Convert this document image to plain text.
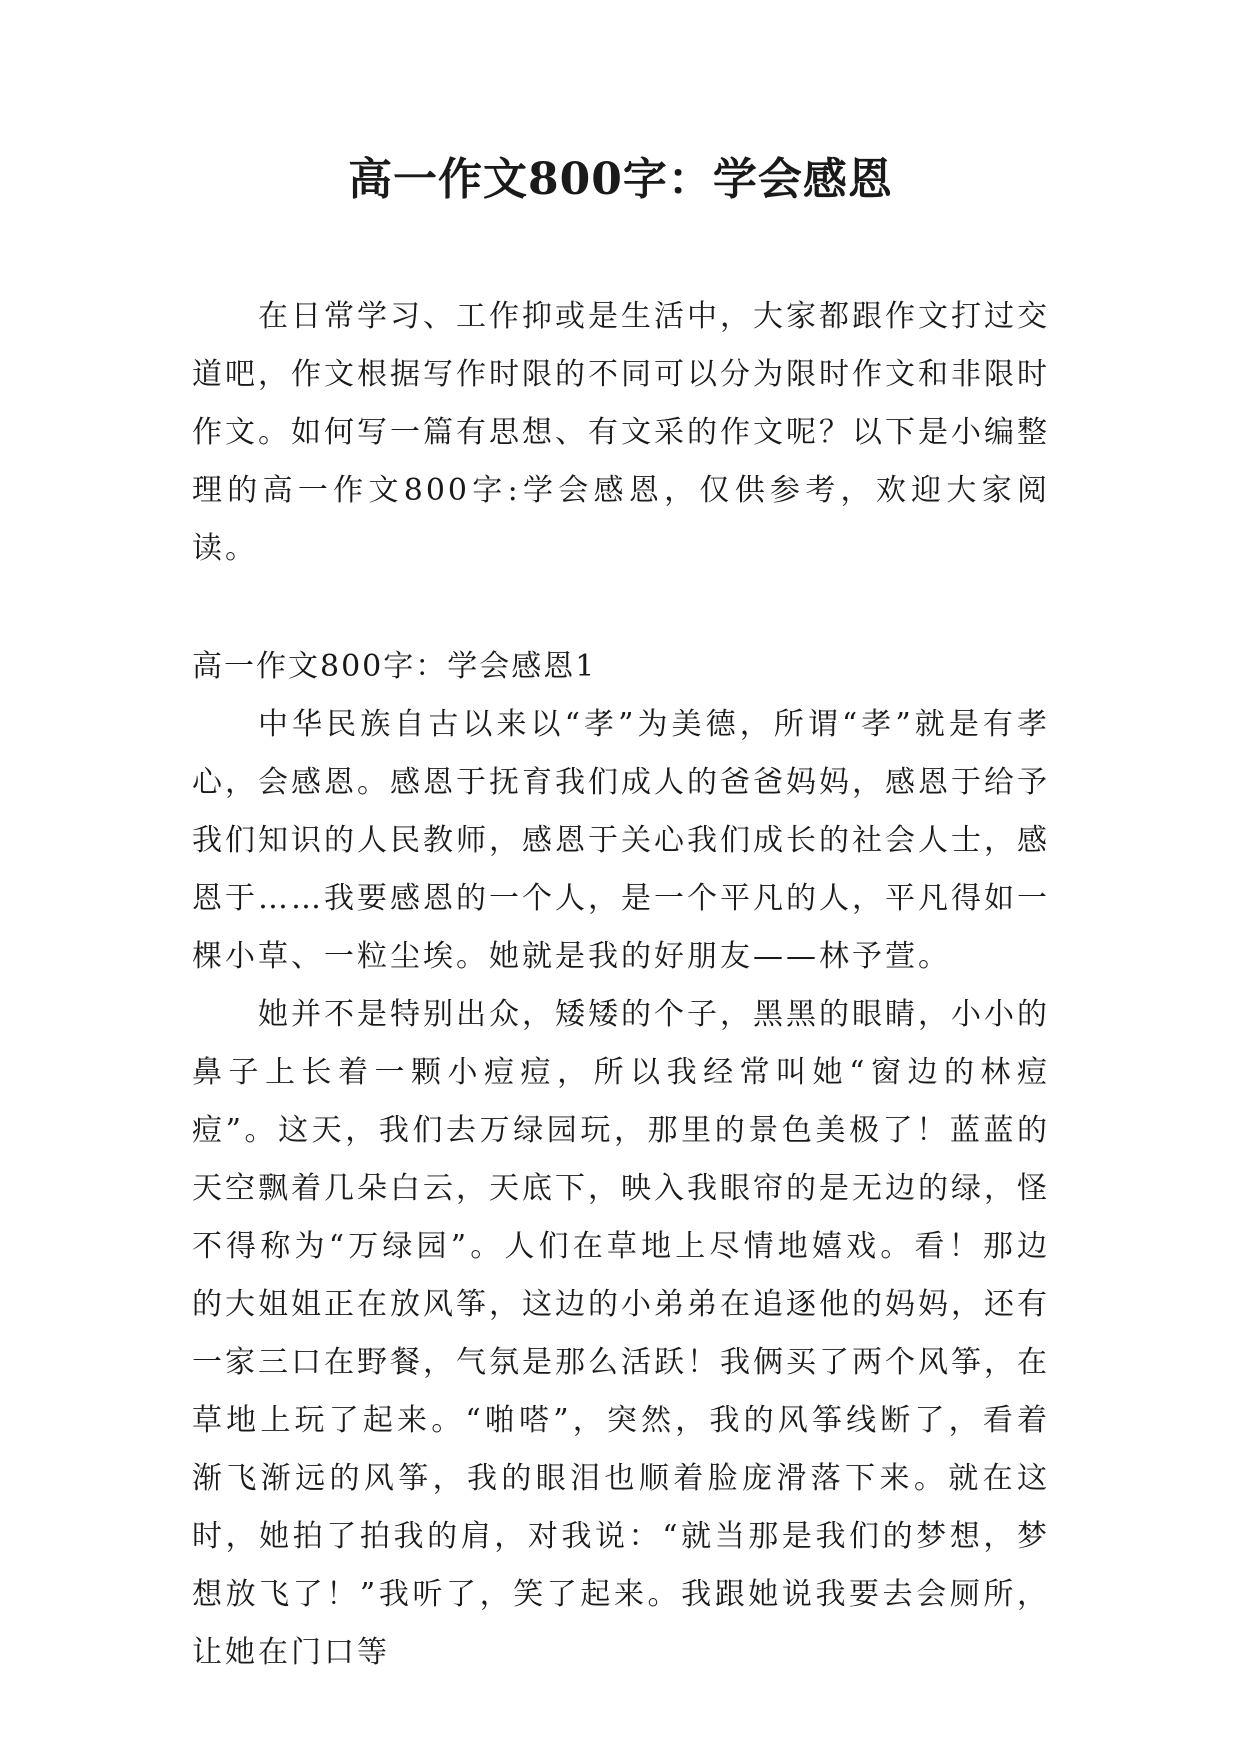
高一作文800字：学会感恩

在日常学习、工作抑或是生活中，大家都跟作文打过交道吧，作文根据写作时限的不同可以分为限时作文和非限时作文。如何写一篇有思想、有文采的作文呢？以下是小编整理的高一作文800字:学会感恩，仅供参考，欢迎大家阅读。

高一作文800字：学会感恩1

中华民族自古以来以“孝”为美德，所谓“孝”就是有孝心，会感恩。感恩于抚育我们成人的爸爸妈妈，感恩于给予我们知识的人民教师，感恩于关心我们成长的社会人士，感恩于……我要感恩的一个人，是一个平凡的人，平凡得如一棵小草、一粒尘埃。她就是我的好朋友——林予萱。

她并不是特别出众，矮矮的个子，黑黑的眼睛，小小的鼻子上长着一颗小痘痘，所以我经常叫她“窗边的林痘痘”。这天，我们去万绿园玩，那里的景色美极了！蓝蓝的天空飘着几朵白云，天底下，映入我眼帘的是无边的绿，怪不得称为“万绿园”。人们在草地上尽情地嬉戏。看！那边的大姐姐正在放风筝，这边的小弟弟在追逐他的妈妈，还有一家三口在野餐，气氛是那么活跃！我俩买了两个风筝，在草地上玩了起来。“啪嗒”，突然，我的风筝线断了，看着渐飞渐远的风筝，我的眼泪也顺着脸庞滑落下来。就在这时，她拍了拍我的肩，对我说：“就当那是我们的梦想，梦想放飞了！”我听了，笑了起来。我跟她说我要去会厕所，让她在门口等
